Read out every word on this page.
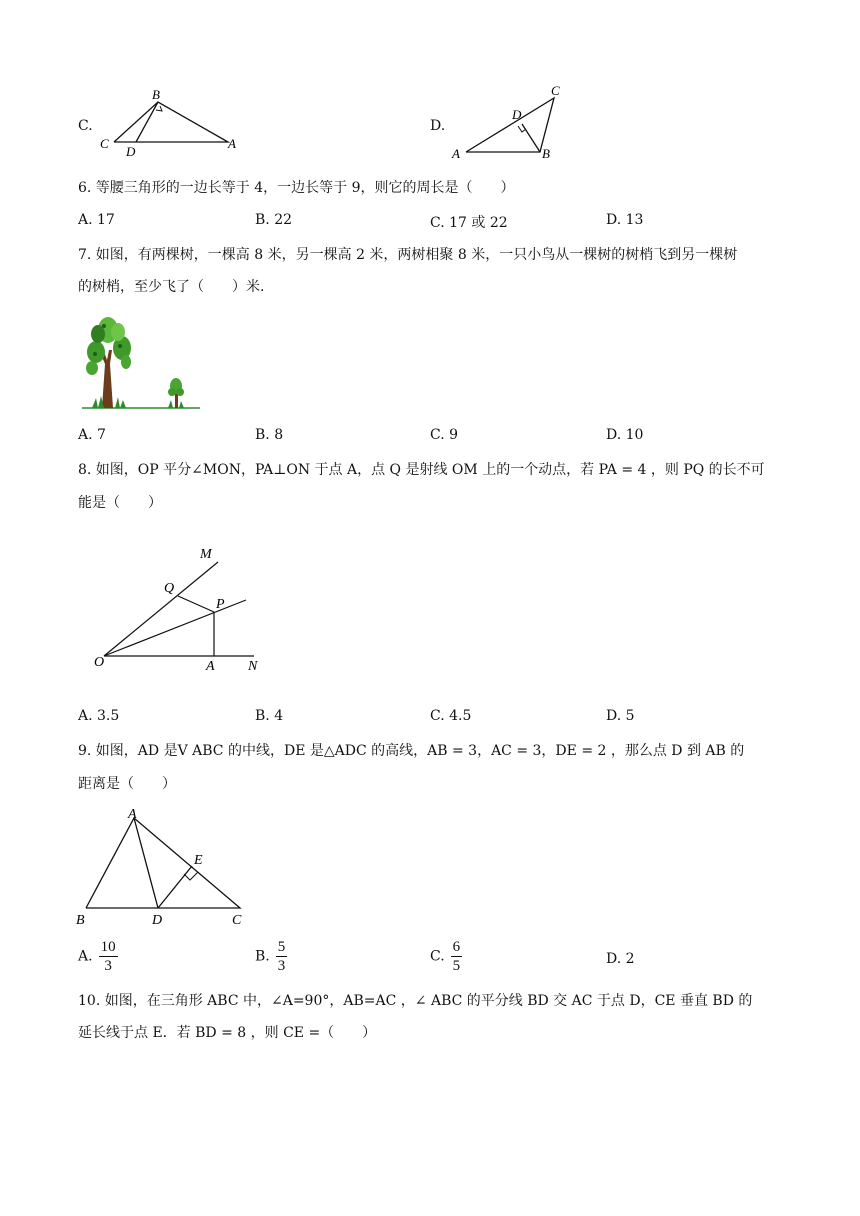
C.
B
C
D
A
D.
C
D
A	B
6. 等腰三角形的一边长等于 4，一边长等于 9，则它的周长是（　　）
A. 17	B. 22	C. 17 或 22	D. 13
7. 如图，有两棵树，一棵高 8 米，另一棵高 2 米，两树相聚 8 米，一只小鸟从一棵树的树梢飞到另一棵树
的树梢，至少飞了（　　）米.
A. 7	B. 8	C. 9	D. 10
8. 如图，OP 平分∠MON，PA⊥ON 于点 A，点 Q 是射线 OM 上的一个动点，若 PA = 4 ，则 PQ 的长不可
能是（　　）
M
Q
P
O	A N
A. 3.5	B. 4	C. 4.5	D. 5
9. 如图，AD 是V ABC 的中线，DE 是△ADC 的高线，AB = 3，AC = 3，DE = 2 ，那么点 D 到 AB 的
距离是（　　）
A
E
B	D	C
A. $\frac{10}{3}$	B. $\frac{5}{3}$	C. $\frac{6}{5}$	D. 2
10. 如图，在三角形 ABC 中，∠A=90°，AB=AC ，∠ ABC 的平分线 BD 交 AC 于点 D，CE 垂直 BD 的
延长线于点 E．若 BD = 8 ，则 CE =（　　）
